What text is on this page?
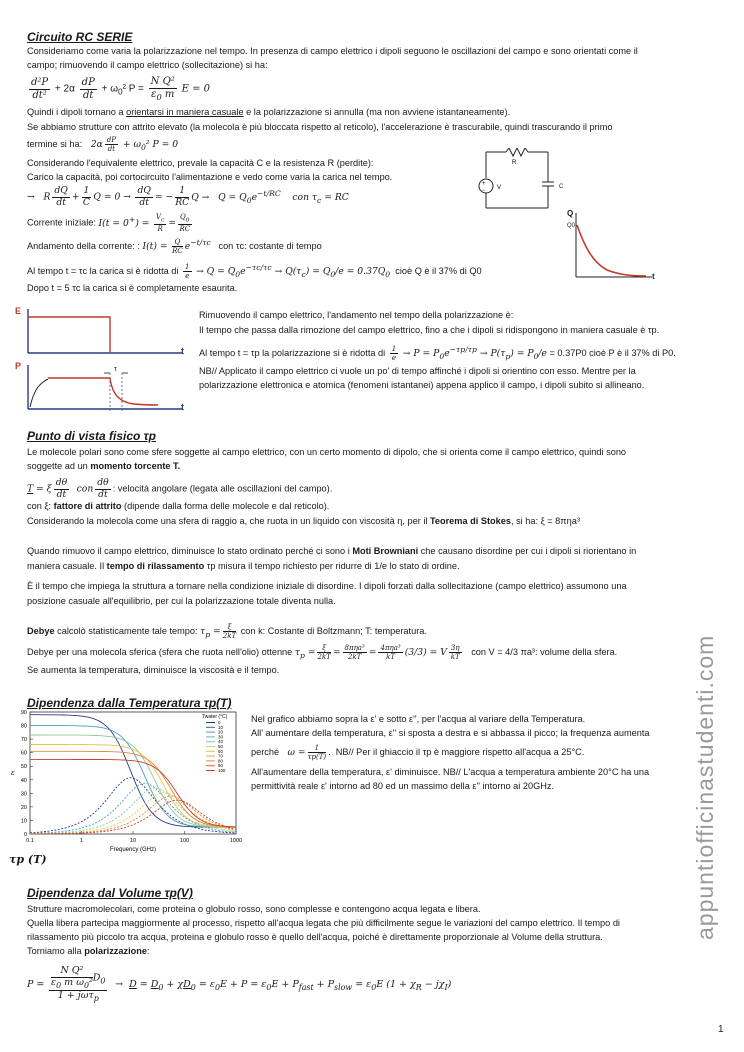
Circuito RC SERIE
Consideriamo come varia la polarizzazione nel tempo. In presenza di campo elettrico i dipoli seguono le oscillazioni del campo e sono orientati come il
campo; rimuovendo il campo elettrico (sollecitazione) si ha:
$\frac{\text{d²P}}{\text{dt²}} + 2\alpha \frac{dP}{dt} + \omega_0^2$ $P = \frac{\text{N Q²}}{\varepsilon_0 m}$ E = 0
Quindi i dipoli tornano a orientarsi in maniera casuale e la polarizzazione si annulla (ma non avviene istantaneamente).
Se abbiamo strutture con attrito elevato (la molecola è più bloccata rispetto al reticolo), l'accelerazione è trascurabile, quindi trascurando il primo
termine si ha: $2\alpha \frac{dP}{dt} + \omega_0^2$ P = 0
Considerando l'equivalente elettrico, prevale la capacità C e la resistenza R (perdite):
Carico la capacità, poi cortocircuito l'alimentazione e vedo come varia la carica nel tempo.
→   R $\frac{dQ}{dt} + \frac{1}{C}$ $Q = 0 \to \frac{dQ}{dt}$ = − $\frac{1}{RC}$ $Q \to Q = Q_0e^{-t/RC}$    con $\tau_c$ = RC
Corrente iniziale: $I(t = 0^+) = \frac{V_c}{R} = \frac{Q_0}{RC}$
Andamento della corrente: : $I(t) = \frac{Q}{RC} e^{-t/\tau c}$ con τc: costante di tempo
Al tempo t = τc la carica si è ridotta di $\frac{1}{e} \to Q = Q_0e^{-\tau c/\tau c} \to Q(\tau_c) = Q_0/e = 0.37Q_0$ cioè Q è il 37% di Q0
Dopo t = 5 τc la carica si è completamente esaurita.
+
−
R
V	C
Q
Q0
t
E
P
t
t
τ
Rimuovendo il campo elettrico, l'andamento nel tempo della polarizzazione è:
Il tempo che passa dalla rimozione del campo elettrico, fino a che i dipoli si ridispongono in maniera casuale è τp.
Al tempo t = τp la polarizzazione si è ridotta di $\frac{1}{e} \to P = P_0e^{-\tau p/\tau p} \to P(\tau_p) = P_0/e = 0.37P0$ cioè P è il 37% di P0.
NB// Applicato il campo elettrico ci vuole un po' di tempo affinché i dipoli si orientino con esso. Mentre per la
polarizzazione elettronica e atomica (fenomeni istantanei) appena applico il campo, i dipoli subito si allineano.
Punto di vista fisico τp
Le molecole polari sono come sfere soggette al campo elettrico, con un certo momento di dipolo, che si orienta come il campo elettrico, quindi sono
soggette ad un momento torcente T.
T = ξ $\frac{d\theta}{dt}$ con $\frac{d\theta}{dt}$ : velocità angolare (legata alle oscillazioni del campo).
con ξ: fattore di attrito (dipende dalla forma delle molecole e dal reticolo).
Considerando la molecola come una sfera di raggio a, che ruota in un liquido con viscosità η, per il Teorema di Stokes, si ha: ξ = 8πηa³
Quando rimuovo il campo elettrico, diminuisce lo stato ordinato perché ci sono i Moti Browniani che causano disordine per cui i dipoli si riorientano in
maniera casuale. Il tempo di rilassamento τp misura il tempo richiesto per ridurre di 1/e lo stato di ordine.
È il tempo che impiega la struttura a tornare nella condizione iniziale di disordine. I dipoli forzati dalla sollecitazione (campo elettrico) assumono una
posizione casuale all'equilibrio, per cui la polarizzazione totale diventa nulla.
Debye calcolò statisticamente tale tempo: $\tau_p = \frac{\xi}{2kT}$ con k: Costante di Boltzmann; T: temperatura.
Debye per una molecola sferica (sfera che ruota nell'olio) ottenne $\tau_p = \frac{\xi}{2kT} = \frac{\text{8πηa³}}{2kT} = \frac{\text{4πηa³}}{kT} (3/3) = V \frac{3\eta}{kT}$ con V = 4/3 πa³: volume della sfera.
Se aumenta la temperatura, diminuisce la viscosità e il tempo.
Dipendenza dalla Temperatura τp(T)
0
10
20
30
40
50
60
70
80
90
0.1	1	10	100	1000
Frequency (GHz)
ε
Twater (°C)
0
10
20
30
40
50
60
70
80
90
100
τp (T)
Nel grafico abbiamo sopra la ε' e sotto ε'', per l'acqua al variare della Temperatura.
All' aumentare della temperatura, ε'' si sposta a destra e si abbassa il picco; la frequenza aumenta
perché   $\omega = \frac{1}{\tau p(T)}$ .  NB// Per il ghiaccio il τp è maggiore rispetto all'acqua a 25°C.
All'aumentare della temperatura, ε' diminuisce. NB// L'acqua a temperatura ambiente 20°C ha una
permittività reale ε' intorno ad 80 ed un massimo della ε'' intorno ai 20GHz.
Dipendenza dal Volume τp(V)
Strutture macromolecolari, come proteina o globulo rosso, sono complesse e contengono acqua legata e libera.
Quella libera partecipa maggiormente al processo, rispetto all'acqua legata che più difficilmente segue le variazioni del campo elettrico. Il tempo di
rilassamento più piccolo tra acqua, proteina e globulo rosso è quello dell'acqua, poiché è direttamente proporzionale al Volume della struttura.
Torniamo alla polarizzazione:
$P = \frac{\frac{\text{N Q²}}{\varepsilon_0 m \omega_0^2} D_0}{1 + j\omega\tau_p} \to D = D_0 + \chi D_0 = \varepsilon_0E + P = \varepsilon_0E + P_{fast} + P_{slow} = \varepsilon_0E$ $(1 + \chi_R - j\chi_I)$
appuntiofficinastudenti.com
1
